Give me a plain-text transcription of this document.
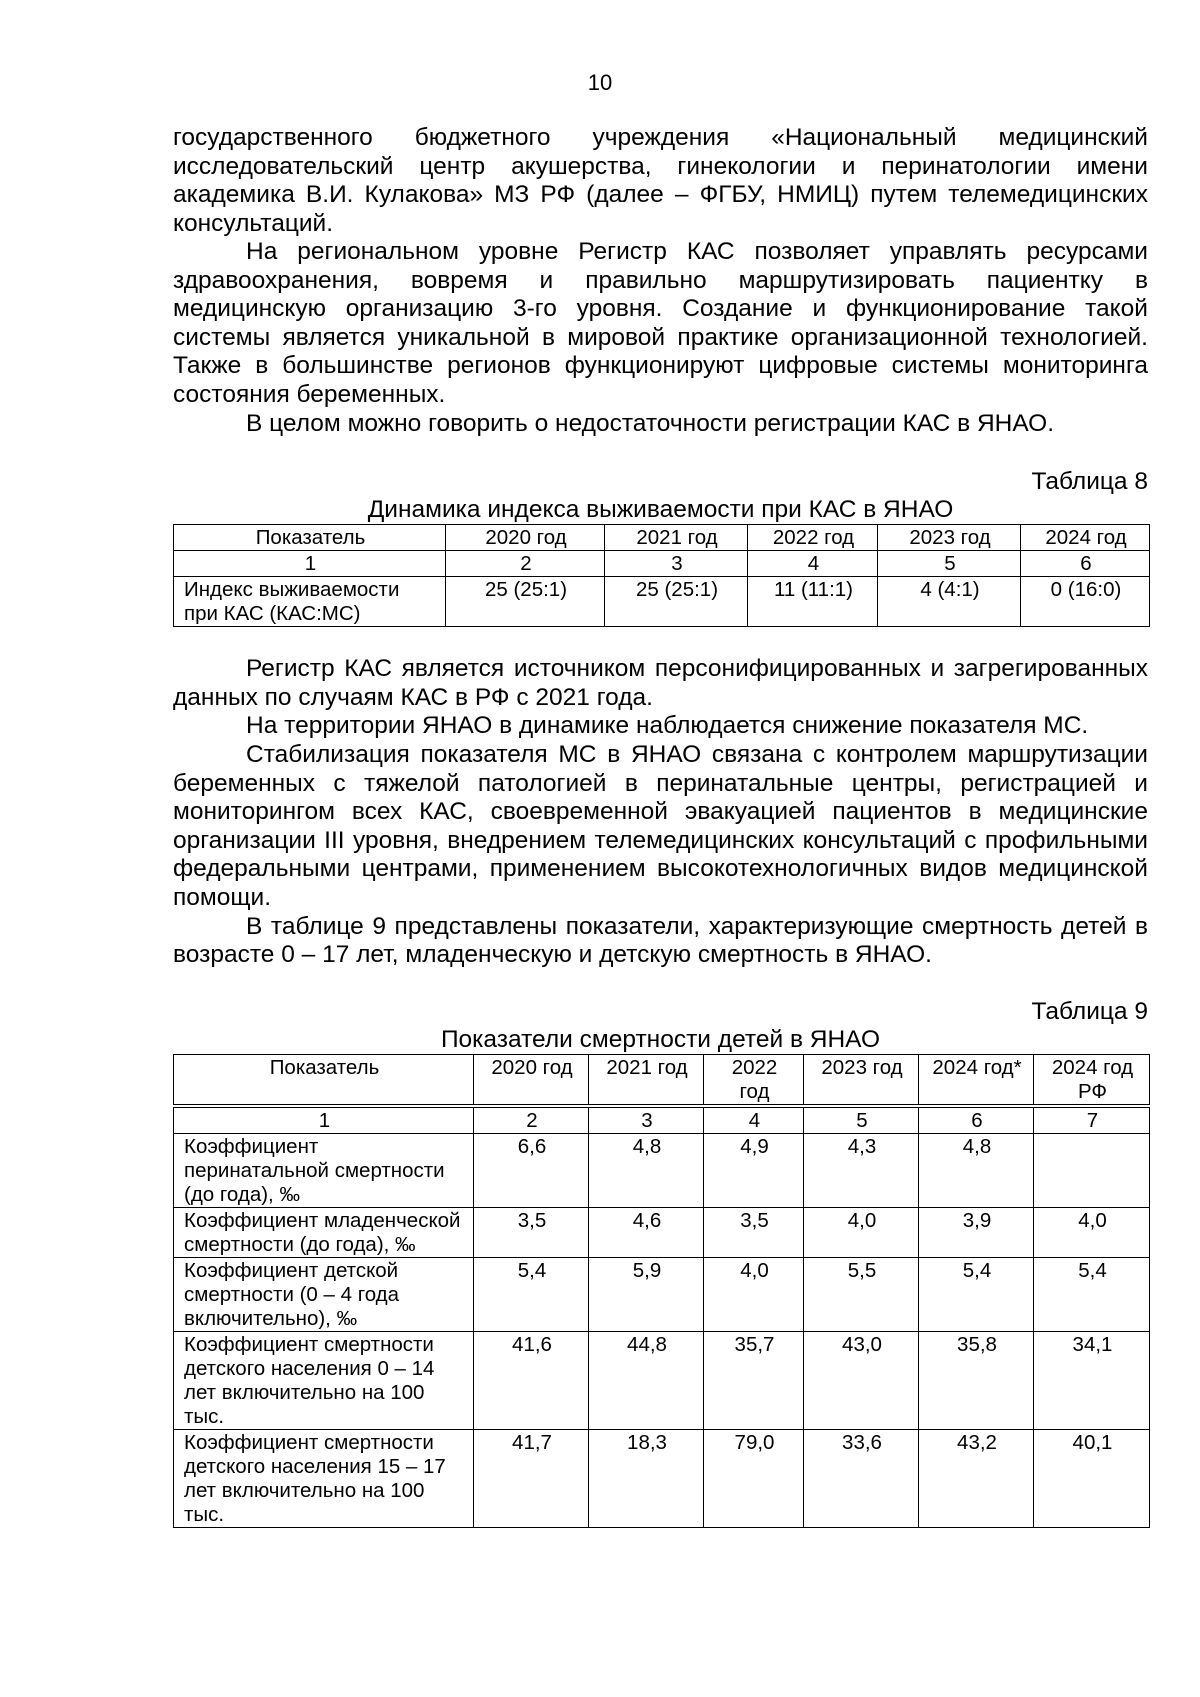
10

государственного бюджетного учреждения «Национальный медицинский исследовательский центр акушерства, гинекологии и перинатологии имени академика В.И. Кулакова» МЗ РФ (далее – ФГБУ, НМИЦ) путем телемедицинских консультаций.

На региональном уровне Регистр КАС позволяет управлять ресурсами здравоохранения, вовремя и правильно маршрутизировать пациентку в медицинскую организацию 3-го уровня. Создание и функционирование такой системы является уникальной в мировой практике организационной технологией. Также в большинстве регионов функционируют цифровые системы мониторинга состояния беременных.

В целом можно говорить о недостаточности регистрации КАС в ЯНАО.

Таблица 8

Динамика индекса выживаемости при КАС в ЯНАО

Показатель	2020 год	2021 год	2022 год	2023 год	2024 год
1	2	3	4	5	6
Индекс выживаемости при КАС (КАС:МС)	25 (25:1)	25 (25:1)	11 (11:1)	4 (4:1)	0 (16:0)

Регистр КАС является источником персонифицированных и загрегированных данных по случаям КАС в РФ с 2021 года.

На территории ЯНАО в динамике наблюдается снижение показателя МС.

Стабилизация показателя МС в ЯНАО связана с контролем маршрутизации беременных с тяжелой патологией в перинатальные центры, регистрацией и мониторингом всех КАС, своевременной эвакуацией пациентов в медицинские организации III уровня, внедрением телемедицинских консультаций с профильными федеральными центрами, применением высокотехнологичных видов медицинской помощи.

В таблице 9 представлены показатели, характеризующие смертность детей в возрасте 0 – 17 лет, младенческую и детскую смертность в ЯНАО.

Таблица 9

Показатели смертности детей в ЯНАО

Показатель	2020 год	2021 год	2022 год	2023 год	2024 год*	2024 год РФ

1	2	3	4	5	6	7
Коэффициент перинатальной смертности (до года), ‰	6,6	4,8	4,9	4,3	4,8	
Коэффициент младенческой смертности (до года), ‰	3,5	4,6	3,5	4,0	3,9	4,0
Коэффициент детской смертности (0 – 4 года включительно), ‰	5,4	5,9	4,0	5,5	5,4	5,4
Коэффициент смертности детского населения 0 – 14 лет включительно на 100 тыс.	41,6	44,8	35,7	43,0	35,8	34,1
Коэффициент смертности детского населения 15 – 17 лет включительно на 100 тыс.	41,7	18,3	79,0	33,6	43,2	40,1
